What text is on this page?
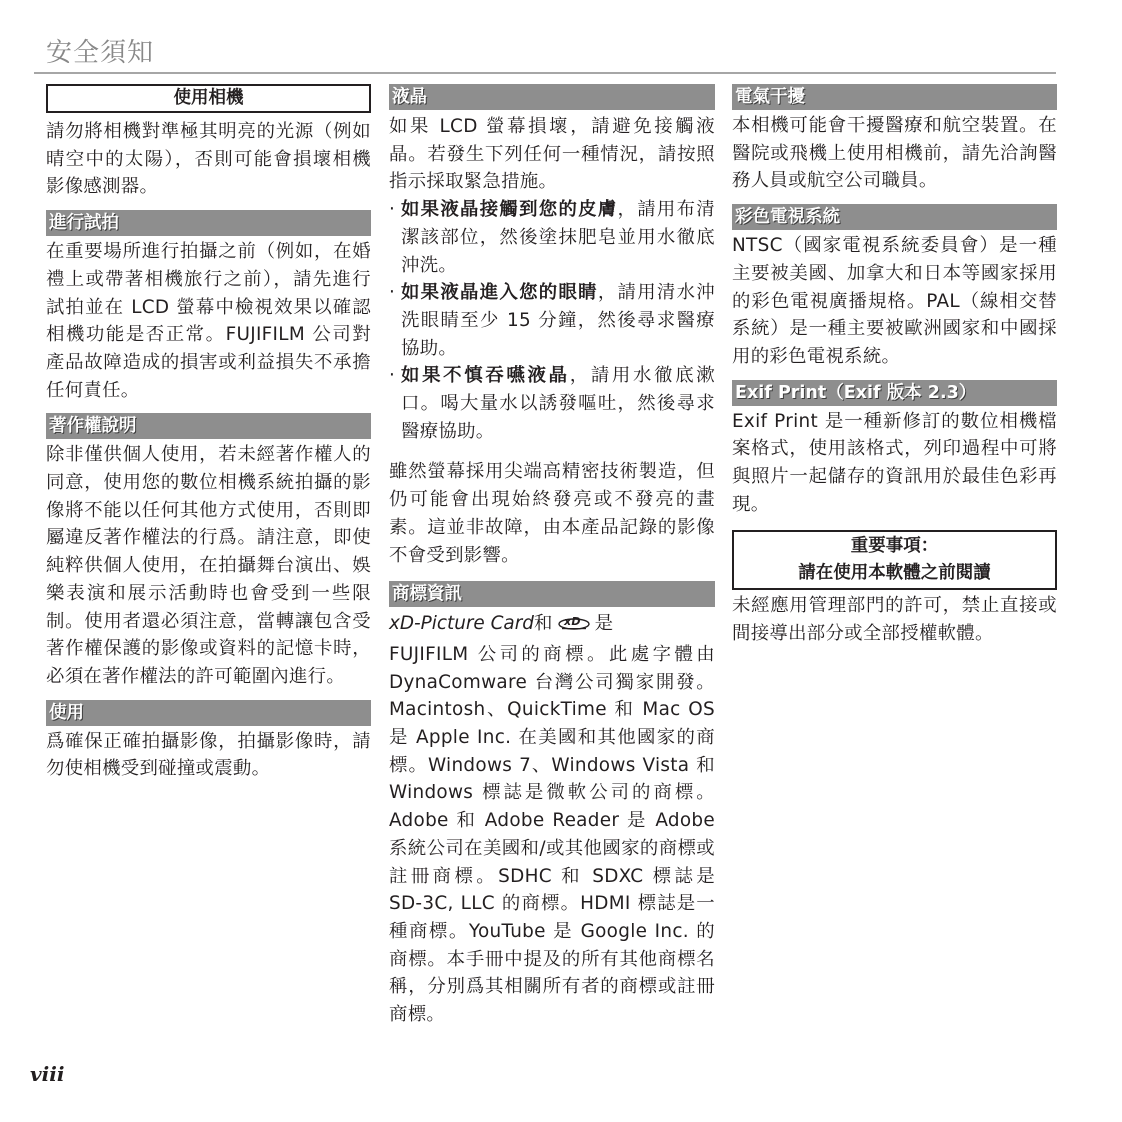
安全須知
使用相機

請勿將相機對準極其明亮的光源（例如晴空中的太陽），否則可能會損壞相機影像感測器。

進行試拍

在重要場所進行拍攝之前（例如，在婚禮上或帶著相機旅行之前），請先進行試拍並在 LCD 螢幕中檢視效果以確認相機功能是否正常。FUJIFILM 公司對產品故障造成的損害或利益損失不承擔任何責任。

著作權說明

除非僅供個人使用，若未經著作權人的同意，使用您的數位相機系統拍攝的影像將不能以任何其他方式使用，否則即屬違反著作權法的行爲。請注意，即使純粹供個人使用，在拍攝舞台演出、娛樂表演和展示活動時也會受到一些限制。使用者還必須注意，當轉讓包含受著作權保護的影像或資料的記憶卡時，必須在著作權法的許可範圍內進行。

使用

爲確保正確拍攝影像，拍攝影像時，請勿使相機受到碰撞或震動。

液晶

如果 LCD 螢幕損壞，請避免接觸液晶。若發生下列任何一種情況，請按照指示採取緊急措施。

· 如果液晶接觸到您的皮膚，請用布清潔該部位，然後塗抹肥皂並用水徹底沖洗。

· 如果液晶進入您的眼睛，請用清水沖洗眼睛至少 15 分鐘，然後尋求醫療協助。

· 如果不慎吞嚥液晶，請用水徹底漱口。喝大量水以誘發嘔吐，然後尋求醫療協助。

雖然螢幕採用尖端高精密技術製造，但仍可能會出現始終發亮或不發亮的畫素。這並非故障，由本產品記錄的影像不會受到影響。

商標資訊

xD-Picture Card和 xD 是

FUJIFILM 公司的商標。此處字體由 DynaComware 台灣公司獨家開發。Macintosh、QuickTime 和 Mac OS 是 Apple Inc. 在美國和其他國家的商標。Windows 7、Windows Vista 和 Windows 標誌是微軟公司的商標。Adobe 和 Adobe Reader 是 Adobe 系統公司在美國和/或其他國家的商標或註冊商標。SDHC 和 SDXC 標誌是 SD-3C, LLC 的商標。HDMI 標誌是一種商標。YouTube 是 Google Inc. 的商標。本手冊中提及的所有其他商標名稱，分別爲其相關所有者的商標或註冊商標。

電氣干擾

本相機可能會干擾醫療和航空裝置。在醫院或飛機上使用相機前，請先洽詢醫務人員或航空公司職員。

彩色電視系統

NTSC（國家電視系統委員會）是一種主要被美國、加拿大和日本等國家採用的彩色電視廣播規格。PAL（線相交替系統）是一種主要被歐洲國家和中國採用的彩色電視系統。

Exif Print（Exif 版本 2.3）

Exif Print 是一種新修訂的數位相機檔案格式，使用該格式，列印過程中可將與照片一起儲存的資訊用於最佳色彩再現。

重要事項：
請在使用本軟體之前閱讀

未經應用管理部門的許可，禁止直接或間接導出部分或全部授權軟體。

viii
